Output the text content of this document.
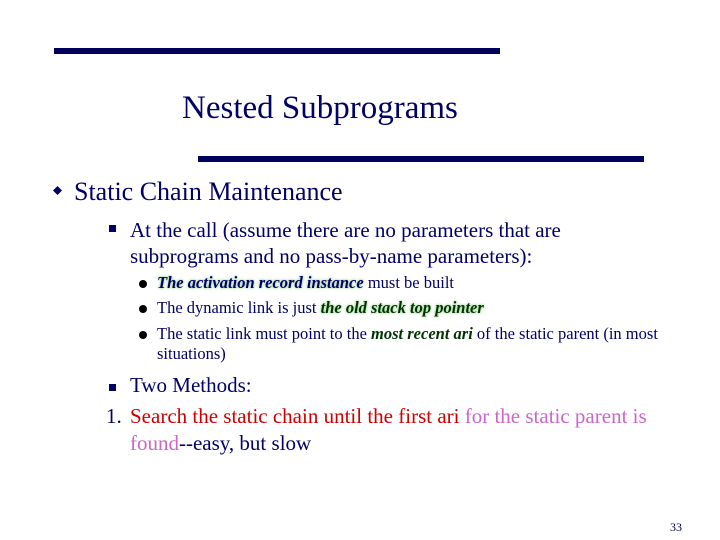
Nested Subprograms
Static Chain Maintenance
At the call (assume there are no parameters that are subprograms and no pass-by-name parameters):
The activation record instance must be built
The dynamic link is just the old stack top pointer
The static link must point to the most recent ari of the static parent (in most situations)
Two Methods:
1. Search the static chain until the first ari for the static parent is found--easy, but slow
33
